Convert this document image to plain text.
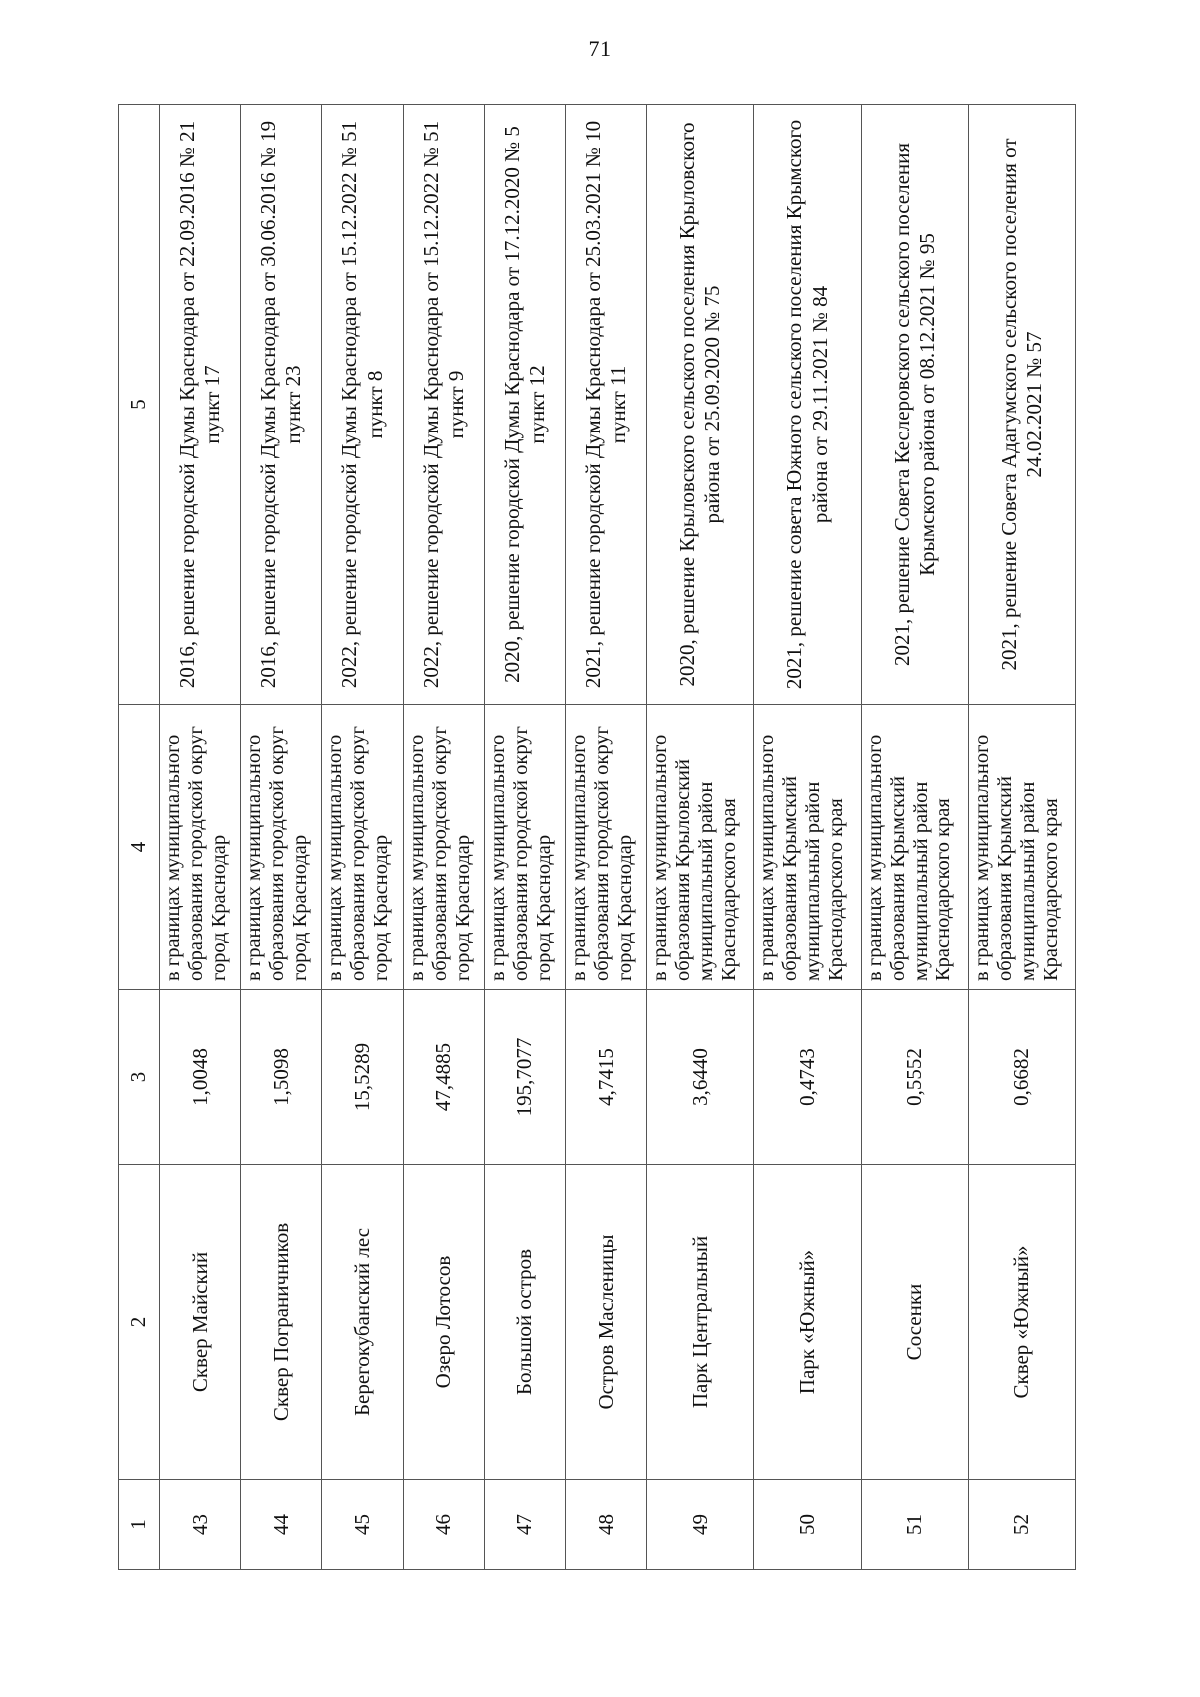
71
1	2	3	4	5
43	Сквер Майский	1,0048	в границах муниципального образования городской округ город Краснодар	2016, решение городской Думы Краснодара от 22.09.2016 № 21 пункт 17
44	Сквер Пограничников	1,5098	в границах муниципального образования городской округ город Краснодар	2016, решение городской Думы Краснодара от 30.06.2016 № 19 пункт 23
45	Берегокубанский лес	15,5289	в границах муниципального образования городской округ город Краснодар	2022, решение городской Думы Краснодара от 15.12.2022 № 51 пункт 8
46	Озеро Лотосов	47,4885	в границах муниципального образования городской округ город Краснодар	2022, решение городской Думы Краснодара от 15.12.2022 № 51 пункт 9
47	Большой остров	195,7077	в границах муниципального образования городской округ город Краснодар	2020, решение городской Думы Краснодара от 17.12.2020 № 5 пункт 12
48	Остров Масленицы	4,7415	в границах муниципального образования городской округ город Краснодар	2021, решение городской Думы Краснодара от 25.03.2021 № 10 пункт 11
49	Парк Центральный	3,6440	в границах муниципального образования Крыловский муниципальный район Краснодарского края	2020, решение Крыловского сельского поселения Крыловского района от 25.09.2020 № 75
50	Парк «Южный»	0,4743	в границах муниципального образования Крымский муниципальный район Краснодарского края	2021, решение совета Южного сельского поселения Крымского района от 29.11.2021 № 84
51	Сосенки	0,5552	в границах муниципального образования Крымский муниципальный район Краснодарского края	2021, решение Совета Кеслеровского сельского поселения Крымского района от 08.12.2021 № 95
52	Сквер «Южный»	0,6682	в границах муниципального образования Крымский муниципальный район Краснодарского края	2021, решение Совета Адагумского сельского поселения от 24.02.2021 № 57
